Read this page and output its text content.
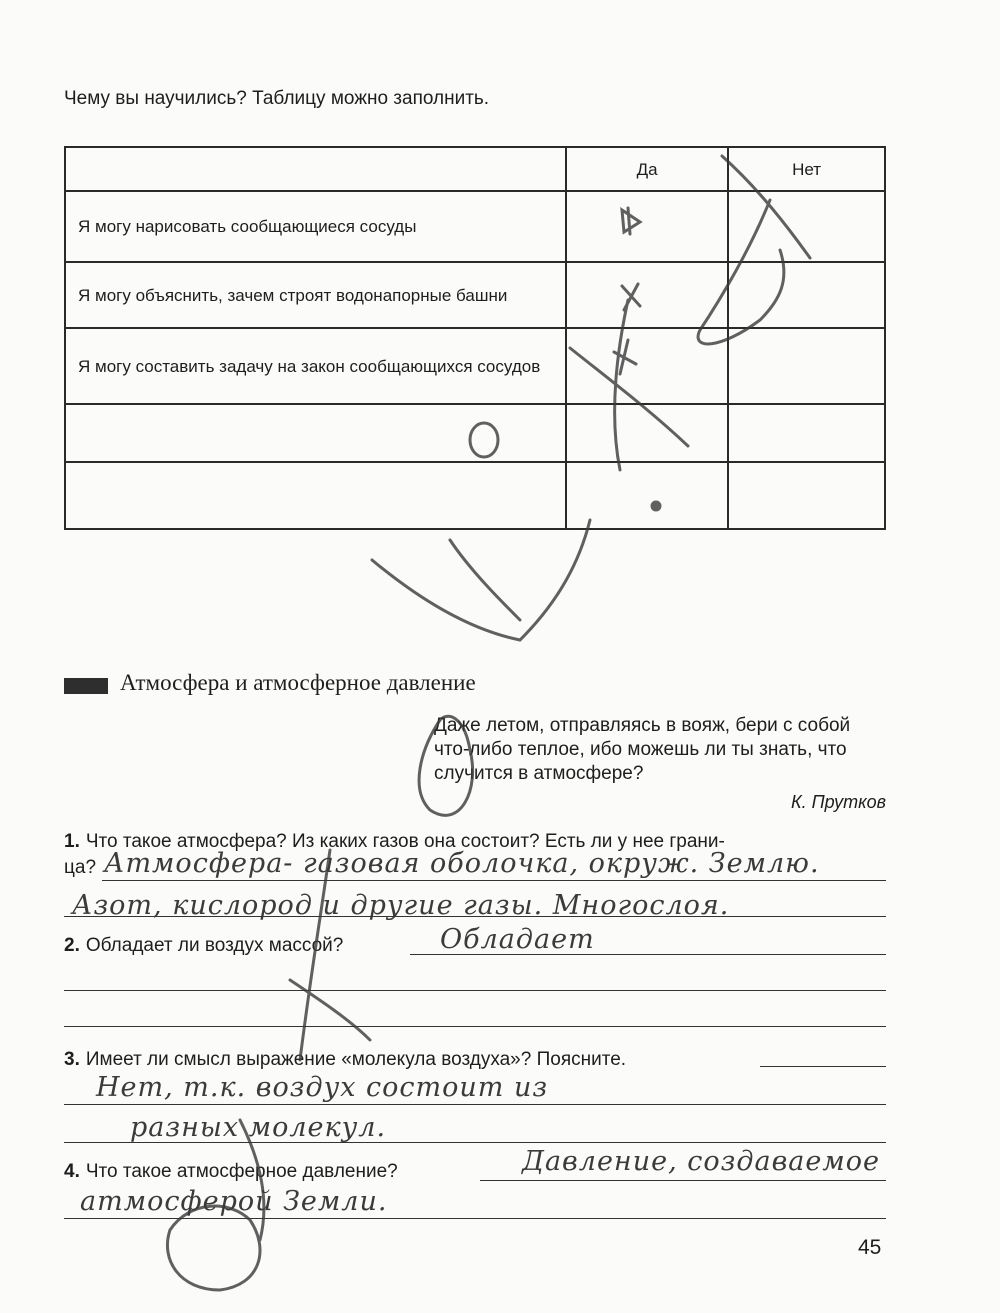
Чему вы научились? Таблицу можно заполнить.
	Да	Нет
Я могу нарисовать сообщающиеся сосуды		
Я могу объяснить, зачем строят водонапорные башни		
Я могу составить задачу на закон сообщающихся сосудов		

Атмосфера и атмосферное давление
Даже летом, отправляясь в вояж, бери с собой что-либо теплое, ибо можешь ли ты знать, что случится в атмосфере?
К. Прутков
1. Что такое атмосфера? Из каких газов она состоит? Есть ли у нее грани-
ца? Атмосфера- газовая оболочка, окруж. Землю.
Азот, кислород и другие газы. Многослоя.
2. Обладает ли воздух массой?	Обладает
3. Имеет ли смысл выражение «молекула воздуха»? Поясните.
Нет, т.к. воздух состоит из
разных молекул.
4. Что такое атмосферное давление?	Давление, создаваемое
атмосферой Земли.
45
